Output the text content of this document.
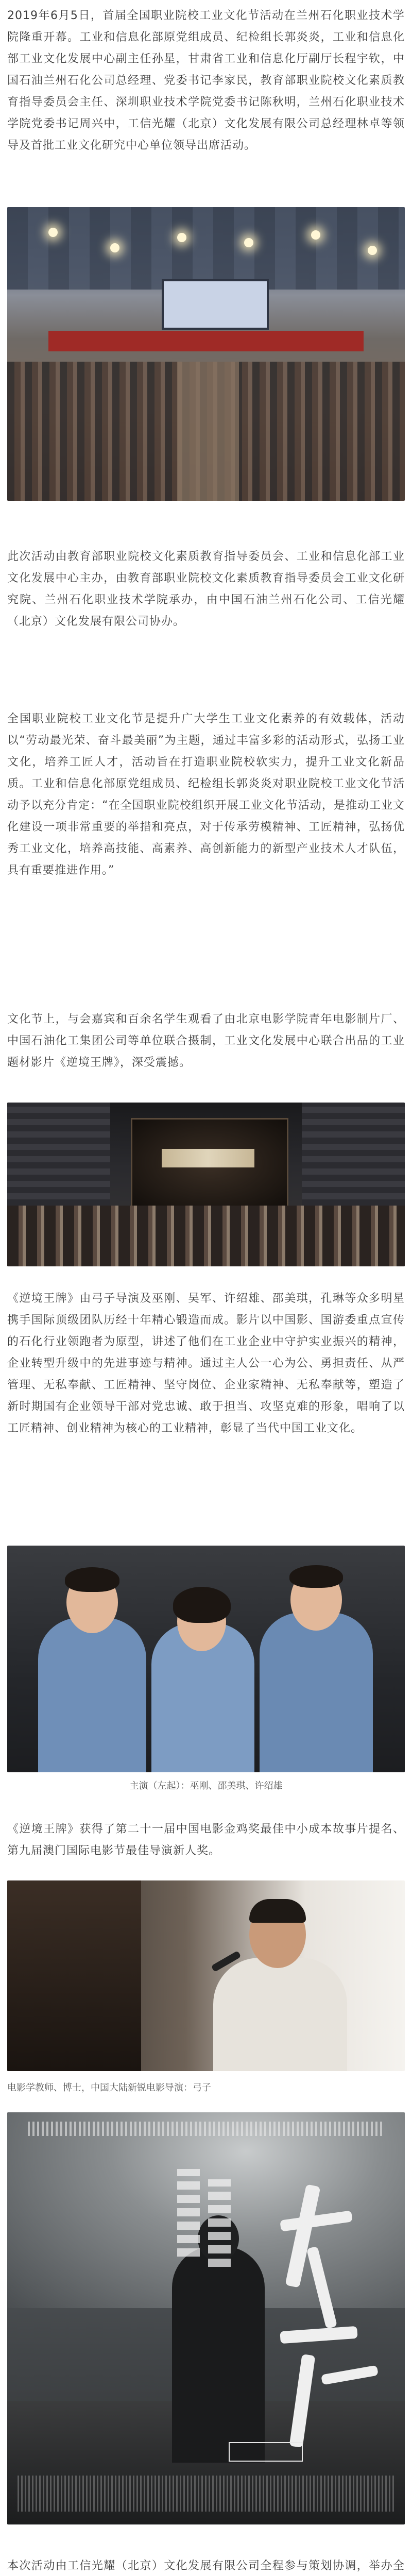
2019年6月5日，首届全国职业院校工业文化节活动在兰州石化职业技术学院隆重开幕。工业和信息化部原党组成员、纪检组长郭炎炎，工业和信息化部工业文化发展中心副主任孙星，甘肃省工业和信息化厅副厅长程宇钦，中国石油兰州石化公司总经理、党委书记李家民，教育部职业院校文化素质教育指导委员会主任、深圳职业技术学院党委书记陈秋明，兰州石化职业技术学院党委书记周兴中，工信光耀（北京）文化发展有限公司总经理林卓等领导及首批工业文化研究中心单位领导出席活动。

此次活动由教育部职业院校文化素质教育指导委员会、工业和信息化部工业文化发展中心主办，由教育部职业院校文化素质教育指导委员会工业文化研究院、兰州石化职业技术学院承办，由中国石油兰州石化公司、工信光耀（北京）文化发展有限公司协办。

全国职业院校工业文化节是提升广大学生工业文化素养的有效载体，活动以“劳动最光荣、奋斗最美丽”为主题，通过丰富多彩的活动形式，弘扬工业文化，培养工匠人才，活动旨在打造职业院校软实力，提升工业文化新品质。工业和信息化部原党组成员、纪检组长郭炎炎对职业院校工业文化节活动予以充分肯定：“在全国职业院校组织开展工业文化节活动，是推动工业文化建设一项非常重要的举措和亮点，对于传承劳模精神、工匠精神，弘扬优秀工业文化，培养高技能、高素养、高创新能力的新型产业技术人才队伍，具有重要推进作用。”

文化节上，与会嘉宾和百余名学生观看了由北京电影学院青年电影制片厂、中国石油化工集团公司等单位联合摄制，工业文化发展中心联合出品的工业题材影片《逆境王牌》，深受震撼。

《逆境王牌》由弓子导演及巫刚、吴军、许绍雄、邵美琪，孔琳等众多明星携手国际顶级团队历经十年精心锻造而成。影片以中国影、国游委重点宣传的石化行业领跑者为原型，讲述了他们在工业企业中守护实业振兴的精神，企业转型升级中的先进事迹与精神。通过主人公一心为公、勇担责任、从严管理、无私奉献、工匠精神、坚守岗位、企业家精神、无私奉献等，塑造了新时期国有企业领导干部对党忠诚、敢于担当、攻坚克难的形象，唱响了以工匠精神、创业精神为核心的工业精神，彰显了当代中国工业文化。

主演（左起）：巫刚、邵美琪、许绍雄

《逆境王牌》获得了第二十一届中国电影金鸡奖最佳中小成本故事片提名、第九届澳门国际电影节最佳导演新人奖。

电影学教师、博士，中国大陆新锐电影导演：弓子

本次活动由工信光耀（北京）文化发展有限公司全程参与策划协调，举办全
